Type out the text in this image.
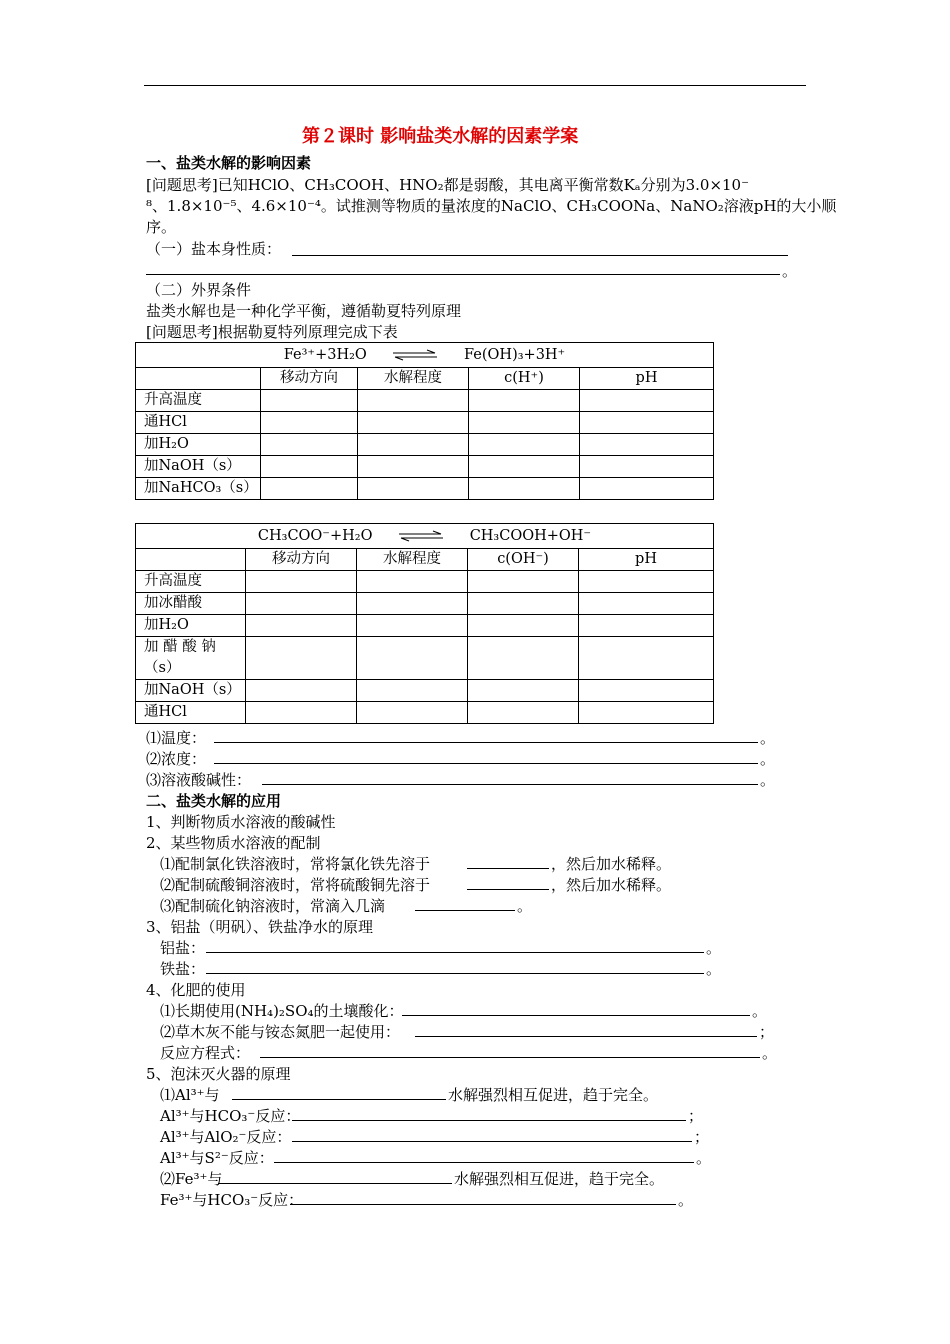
第２课时 影响盐类水解的因素学案
一、盐类水解的影响因素
[问题思考]已知HClO、CH₃COOH、HNO₂都是弱酸，其电离平衡常数Kₐ分别为3.0×10⁻
⁸、1.8×10⁻⁵、4.6×10⁻⁴。试推测等物质的量浓度的NaClO、CH₃COONa、NaNO₂溶液pH的大小顺
序。
（一）盐本身性质：
。
（二）外界条件
盐类水解也是一种化学平衡，遵循勒夏特列原理
[问题思考]根据勒夏特列原理完成下表
Fe³⁺+3H₂O Fe(OH)₃+3H⁺				
	移动方向	水解程度	c(H⁺)	pH
升高温度				
通HCl				
加H₂O				
加NaOH（s）				
加NaHCO₃（s）				
CH₃COO⁻+H₂O CH₃COOH+OH⁻				
	移动方向	水解程度	c(OH⁻)	pH
升高温度				
加冰醋酸				
加H₂O				
加 醋 酸 钠（s）				
加NaOH（s）				
通HCl				
⑴温度：	。
⑵浓度：	。
⑶溶液酸碱性：	。
二、盐类水解的应用
1、判断物质水溶液的酸碱性
2、某些物质水溶液的配制
⑴配制氯化铁溶液时，常将氯化铁先溶于	，然后加水稀释。
⑵配制硫酸铜溶液时，常将硫酸铜先溶于	，然后加水稀释。
⑶配制硫化钠溶液时，常滴入几滴	。
3、铝盐（明矾）、铁盐净水的原理
铝盐：	。
铁盐：	。
4、化肥的使用
⑴长期使用(NH₄)₂SO₄的土壤酸化：	。
⑵草木灰不能与铵态氮肥一起使用：	；
反应方程式：	。
5、泡沫灭火器的原理
⑴Al³⁺与	水解强烈相互促进，趋于完全。
Al³⁺与HCO₃⁻反应：	；
Al³⁺与AlO₂⁻反应：	；
Al³⁺与S²⁻反应：	。
⑵Fe³⁺与	水解强烈相互促进，趋于完全。
Fe³⁺与HCO₃⁻反应：	。
